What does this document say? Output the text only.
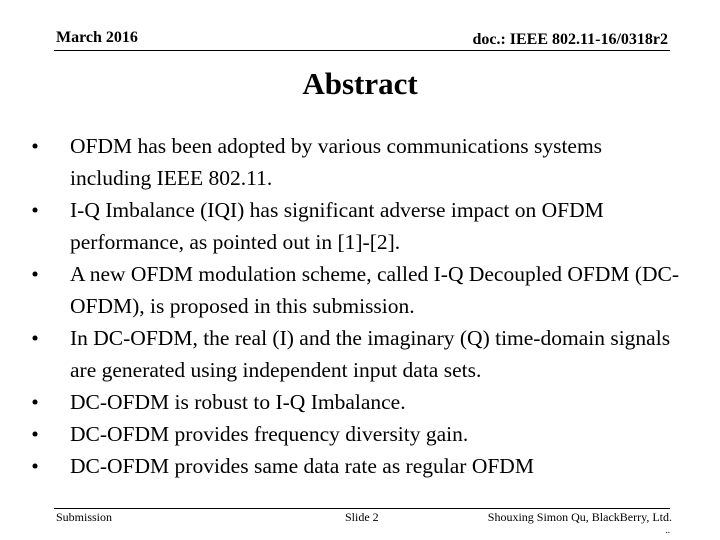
March 2016	doc.: IEEE 802.11-16/0318r2
Abstract
• OFDM has been adopted by various communications systems including IEEE 802.11.
• I-Q Imbalance (IQI) has significant adverse impact on OFDM performance, as pointed out in [1]-[2].
• A new OFDM modulation scheme, called I-Q Decoupled OFDM (DC-OFDM), is proposed in this submission.
• In DC-OFDM, the real (I) and the imaginary (Q) time-domain signals are generated using independent input data sets.
• DC-OFDM is robust to I-Q Imbalance.
• DC-OFDM provides frequency diversity gain.
• DC-OFDM provides same data rate as regular OFDM
Submission	Slide 2	Shouxing Simon Qu, BlackBerry, Ltd.
..
